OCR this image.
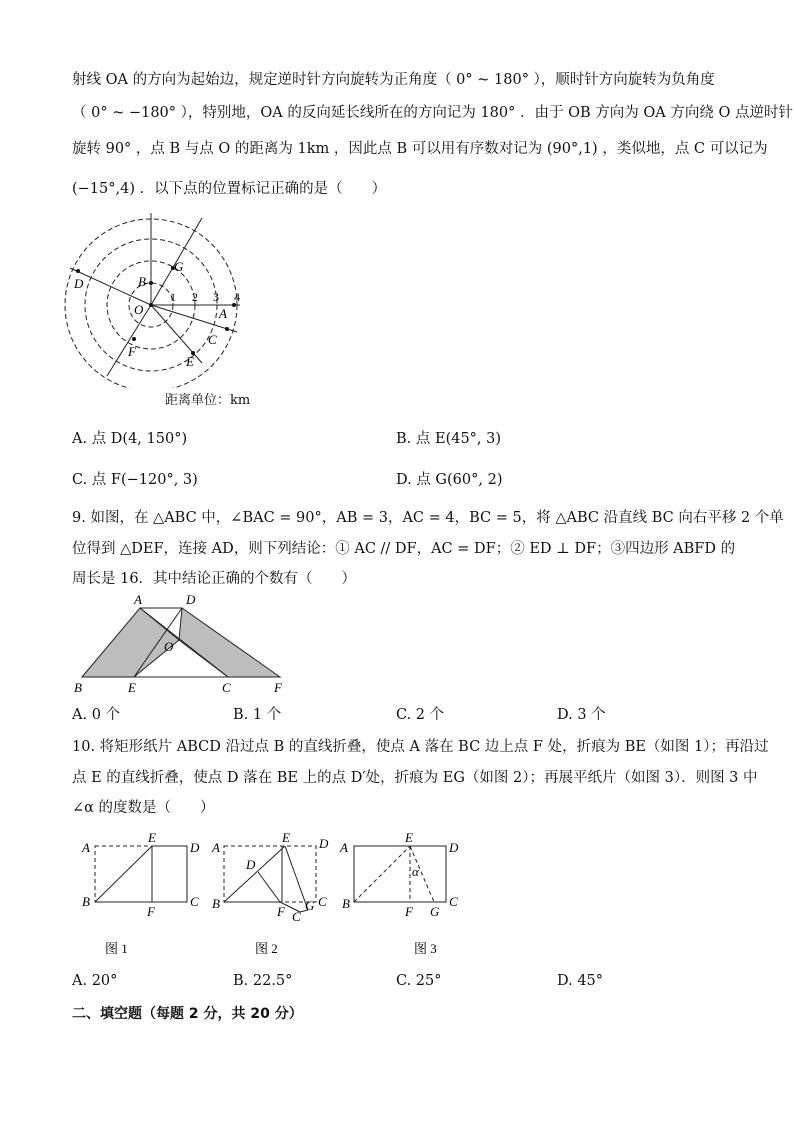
射线 OA 的方向为起始边，规定逆时针方向旋转为正角度（ 0° ~ 180° ），顺时针方向旋转为负角度
（ 0° ~ −180° ），特别地，OA 的反向延长线所在的方向记为 180° ．由于 OB 方向为 OA 方向绕 O 点逆时针
旋转 90° ，点 B 与点 O 的距离为 1km ，因此点 B 可以用有序数对记为 (90°,1) ，类似地，点 C 可以记为
(−15°,4) ．以下点的位置标记正确的是（　　）
D
G
B
O	A
C
F
E
1 2 3 4
距离单位：km
A. 点 D(4, 150°)	B. 点 E(45°, 3)
C. 点 F(−120°, 3)	D. 点 G(60°, 2)
9. 如图，在 △ABC 中，∠BAC = 90°，AB = 3，AC = 4，BC = 5，将 △ABC 沿直线 BC 向右平移 2 个单
位得到 △DEF，连接 AD，则下列结论：① AC // DF，AC = DF；② ED ⊥ DF；③四边形 ABFD 的
周长是 16．其中结论正确的个数有（　　）
A	D
O
B	E	C	F
A. 0 个	B. 1 个	C. 2 个	D. 3 个
10. 将矩形纸片 ABCD 沿过点 B 的直线折叠，使点 A 落在 BC 边上点 F 处，折痕为 BE（如图 1）；再沿过
点 E 的直线折叠，使点 D 落在 BE 上的点 D′处，折痕为 EG（如图 2）；再展平纸片（如图 3）．则图 3 中
∠α 的度数是（　　）
A
E
D
B
F
C
图 1
A
E D
D
B
F G C
C
图 2
A
E
D
α
B
F G
C
图 3
A. 20°	B. 22.5°	C. 25°	D. 45°
二、填空题（每题 2 分，共 20 分）
